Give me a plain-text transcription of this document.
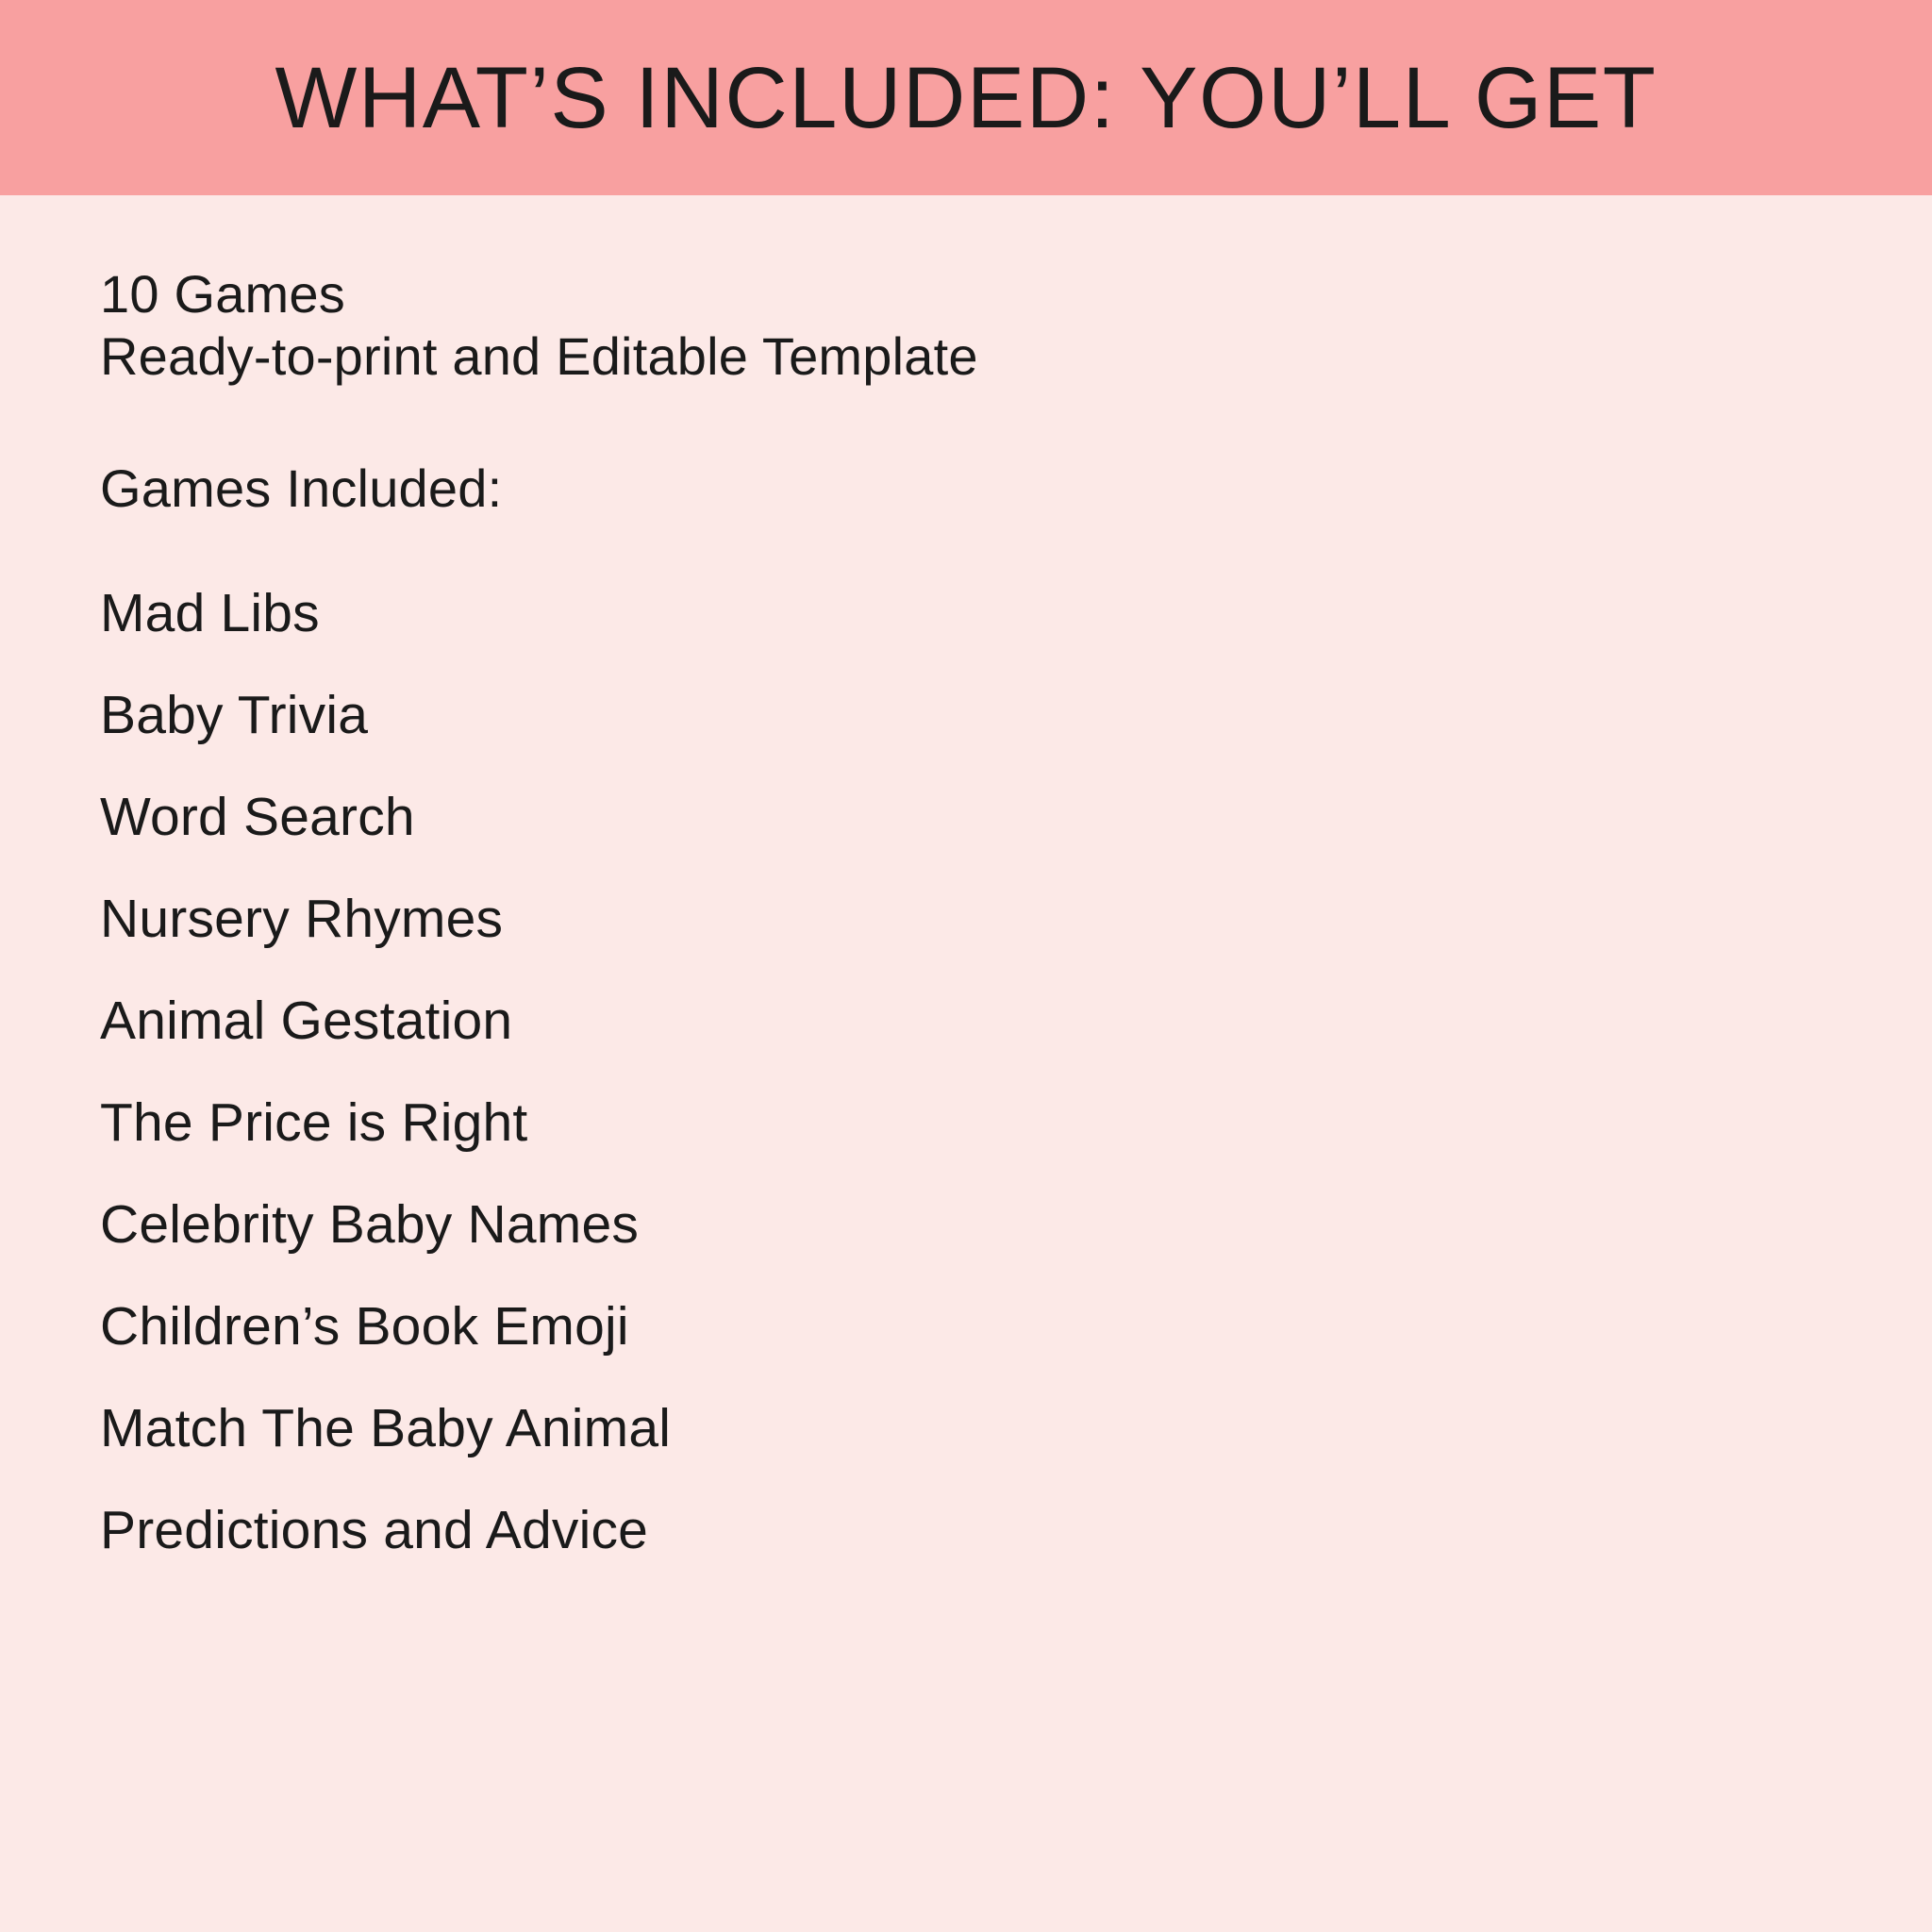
WHAT’S INCLUDED: YOU’LL GET
10 Games
Ready-to-print and Editable Template
Games Included:
Mad Libs
Baby Trivia
Word Search
Nursery Rhymes
Animal Gestation
The Price is Right
Celebrity Baby Names
Children’s Book Emoji
Match The Baby Animal
Predictions and Advice
